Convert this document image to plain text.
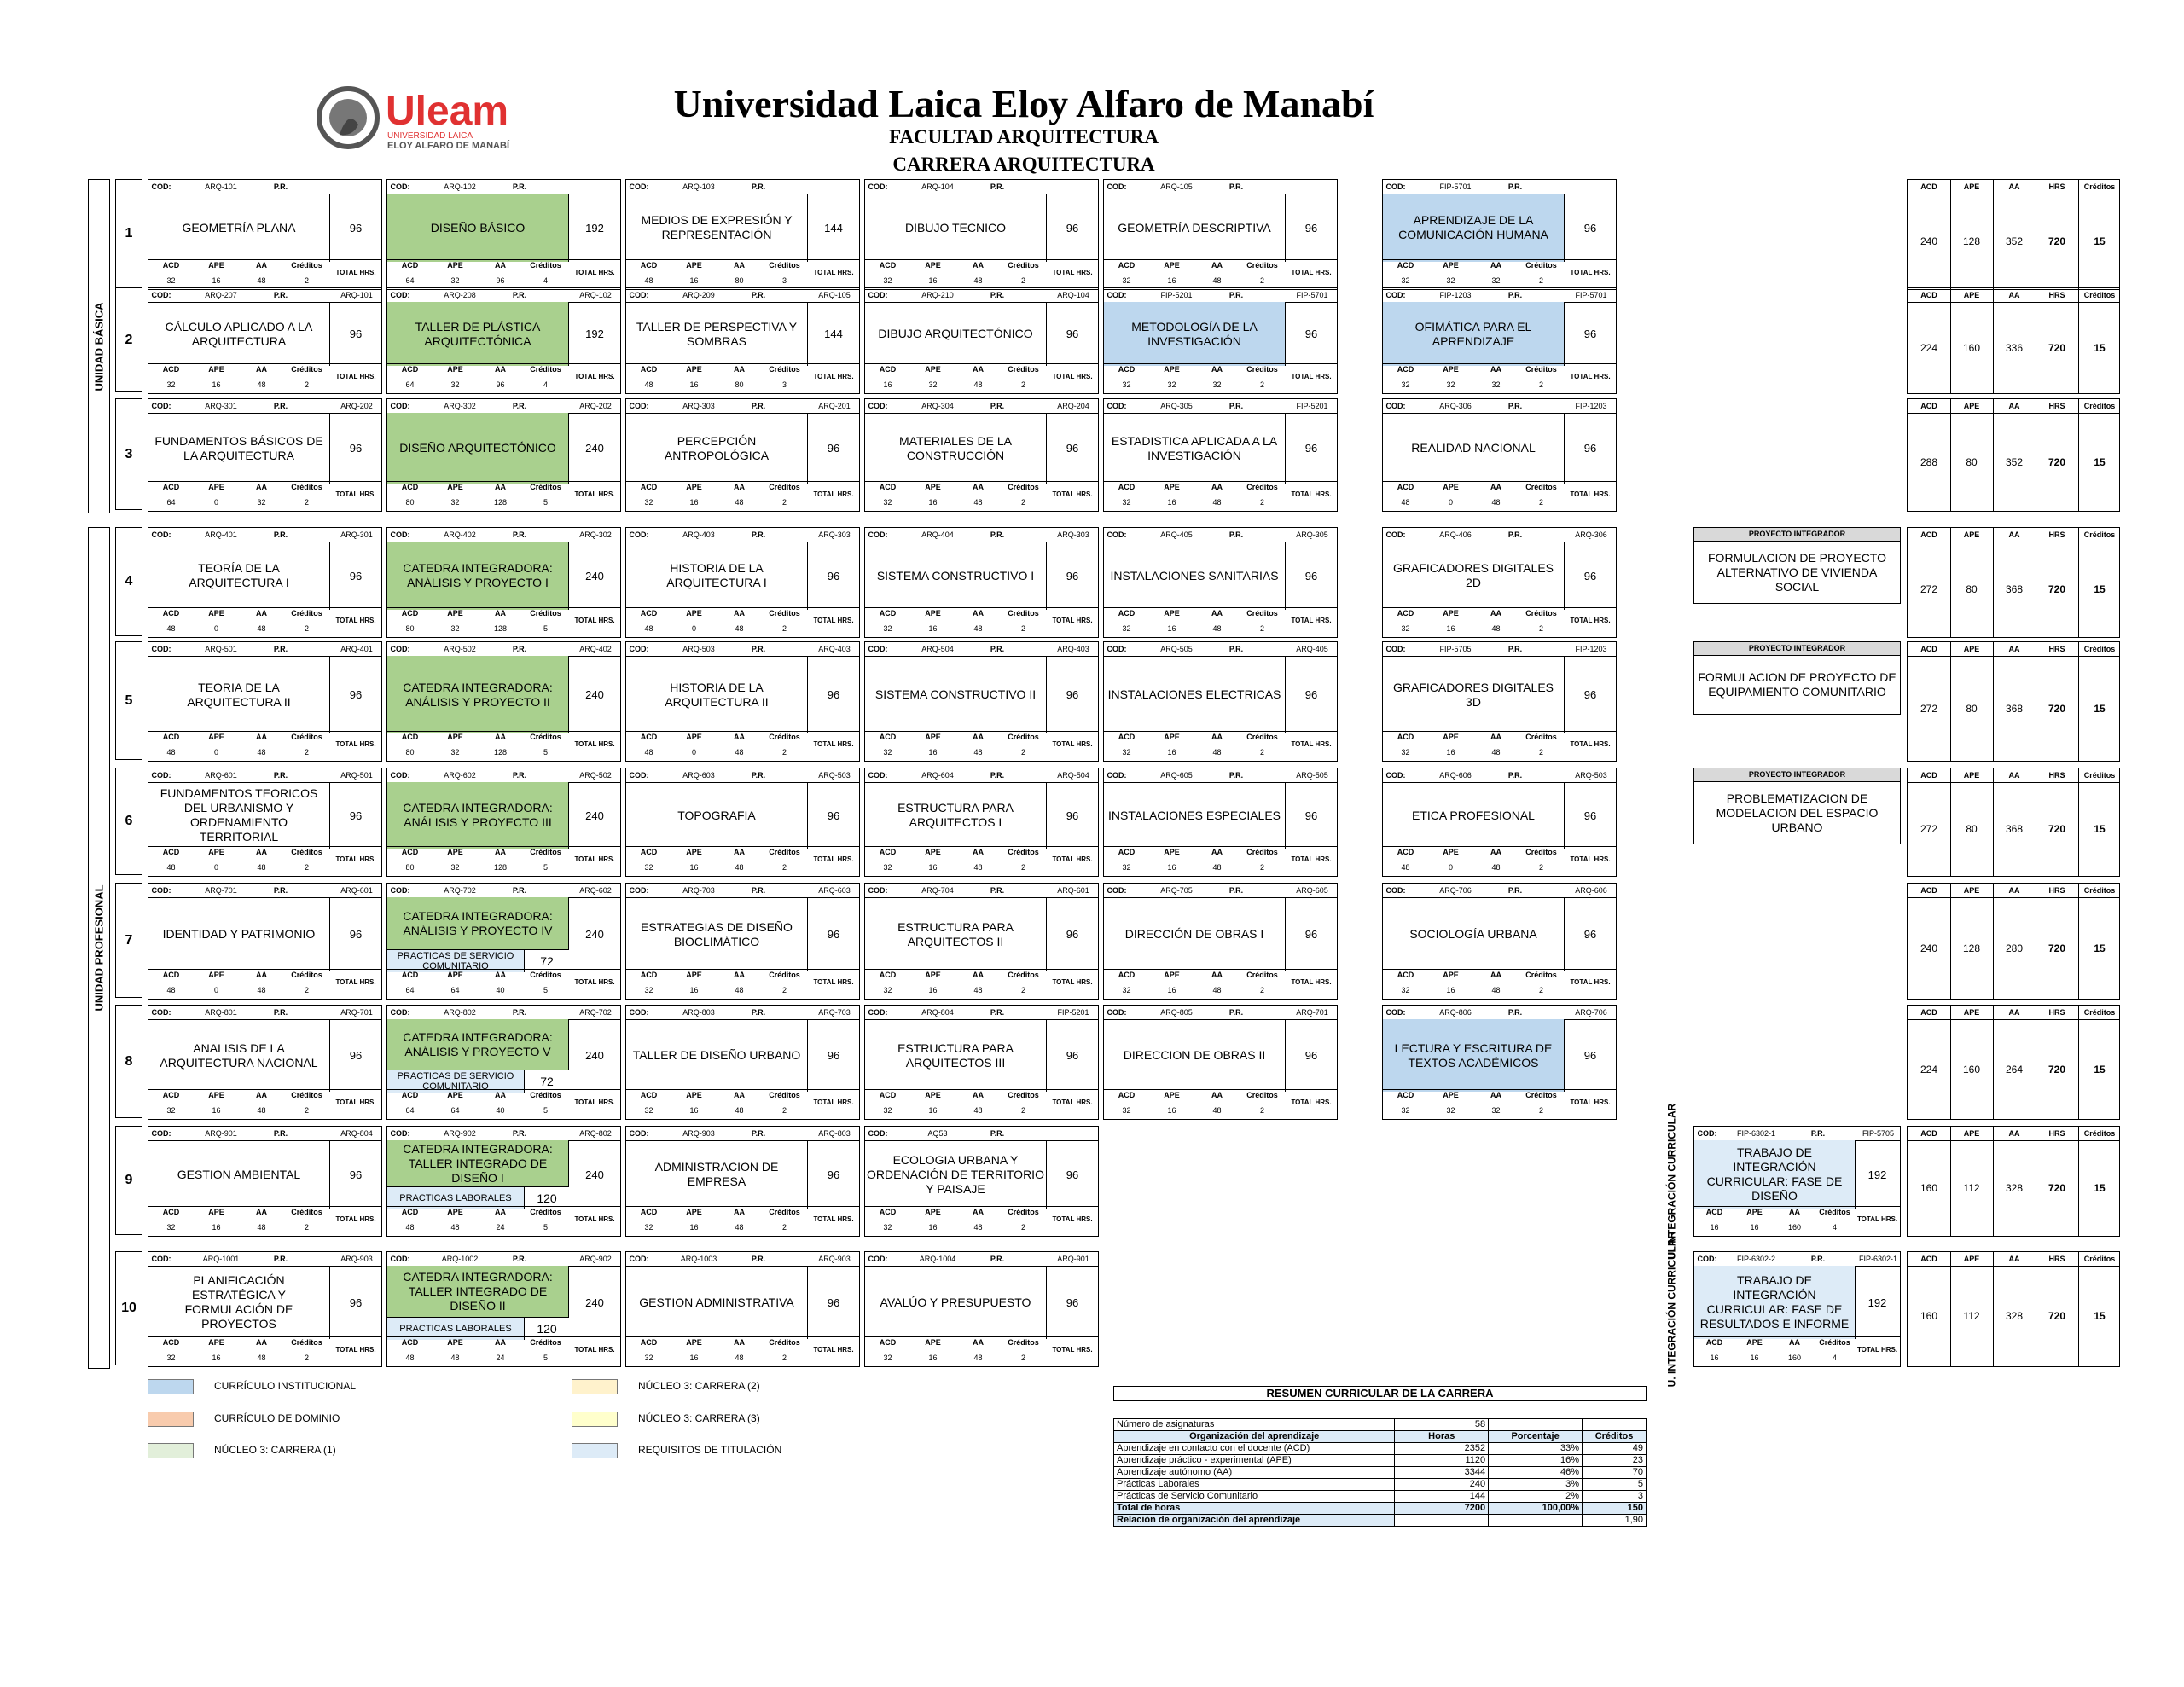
Uleam
UNIVERSIDAD LAICA
ELOY ALFARO DE MANABÍ
Universidad Laica Eloy Alfaro de Manabí
FACULTAD ARQUITECTURA
CARRERA ARQUITECTURA
UNIDAD BÁSICA
UNIDAD PROFESIONAL
U. INTEGRACIÓN CURRICULAR
U. INTEGRACIÓN CURRICULAR
1
COD:	ARQ-101	P.R.
GEOMETRÍA PLANA	96
ACD
32
APE
16
AA
48
Créditos
2
TOTAL HRS.
COD:	ARQ-102	P.R.
DISEÑO BÁSICO	192
ACD
64
APE
32
AA
96
Créditos
4
TOTAL HRS.
COD:	ARQ-103	P.R.
MEDIOS DE EXPRESIÓN Y REPRESENTACIÓN	144
ACD
48
APE
16
AA
80
Créditos
3
TOTAL HRS.
COD:	ARQ-104	P.R.
DIBUJO TECNICO	96
ACD
32
APE
16
AA
48
Créditos
2
TOTAL HRS.
COD:	ARQ-105	P.R.
GEOMETRÍA DESCRIPTIVA	96
ACD
32
APE
16
AA
48
Créditos
2
TOTAL HRS.
COD:	FIP-5701	P.R.
APRENDIZAJE DE LA COMUNICACIÓN HUMANA	96
ACD
32
APE
32
AA
32
Créditos
2
TOTAL HRS.
ACD	APE	AA	HRS	Créditos
240	128	352	720	15
2
COD:	ARQ-207	P.R.	ARQ-101
CÁLCULO APLICADO A LA ARQUITECTURA	96
ACD
32
APE
16
AA
48
Créditos
2
TOTAL HRS.
COD:	ARQ-208	P.R.	ARQ-102
TALLER DE PLÁSTICA ARQUITECTÓNICA	192
ACD
64
APE
32
AA
96
Créditos
4
TOTAL HRS.
COD:	ARQ-209	P.R.	ARQ-105
TALLER DE PERSPECTIVA Y SOMBRAS	144
ACD
48
APE
16
AA
80
Créditos
3
TOTAL HRS.
COD:	ARQ-210	P.R.	ARQ-104
DIBUJO ARQUITECTÓNICO	96
ACD
16
APE
32
AA
48
Créditos
2
TOTAL HRS.
COD:	FIP-5201	P.R.	FIP-5701
METODOLOGÍA DE LA INVESTIGACIÓN	96
ACD
32
APE
32
AA
32
Créditos
2
TOTAL HRS.
COD:	FIP-1203	P.R.	FIP-5701
OFIMÁTICA PARA EL APRENDIZAJE	96
ACD
32
APE
32
AA
32
Créditos
2
TOTAL HRS.
ACD	APE	AA	HRS	Créditos
224	160	336	720	15
3
COD:	ARQ-301	P.R.	ARQ-202
FUNDAMENTOS BÁSICOS DE LA ARQUITECTURA	96
ACD
64
APE
0
AA
32
Créditos
2
TOTAL HRS.
COD:	ARQ-302	P.R.	ARQ-202
DISEÑO ARQUITECTÓNICO	240
ACD
80
APE
32
AA
128
Créditos
5
TOTAL HRS.
COD:	ARQ-303	P.R.	ARQ-201
PERCEPCIÓN ANTROPOLÓGICA	96
ACD
32
APE
16
AA
48
Créditos
2
TOTAL HRS.
COD:	ARQ-304	P.R.	ARQ-204
MATERIALES DE LA CONSTRUCCIÓN	96
ACD
32
APE
16
AA
48
Créditos
2
TOTAL HRS.
COD:	ARQ-305	P.R.	FIP-5201
ESTADISTICA APLICADA A LA INVESTIGACIÓN	96
ACD
32
APE
16
AA
48
Créditos
2
TOTAL HRS.
COD:	ARQ-306	P.R.	FIP-1203
REALIDAD NACIONAL	96
ACD
48
APE
0
AA
48
Créditos
2
TOTAL HRS.
ACD	APE	AA	HRS	Créditos
288	80	352	720	15
4
COD:	ARQ-401	P.R.	ARQ-301
TEORÍA DE LA ARQUITECTURA I	96
ACD
48
APE
0
AA
48
Créditos
2
TOTAL HRS.
COD:	ARQ-402	P.R.	ARQ-302
CATEDRA INTEGRADORA: ANÁLISIS Y PROYECTO I	240
ACD
80
APE
32
AA
128
Créditos
5
TOTAL HRS.
COD:	ARQ-403	P.R.	ARQ-303
HISTORIA DE LA ARQUITECTURA I	96
ACD
48
APE
0
AA
48
Créditos
2
TOTAL HRS.
COD:	ARQ-404	P.R.	ARQ-303
SISTEMA CONSTRUCTIVO I	96
ACD
32
APE
16
AA
48
Créditos
2
TOTAL HRS.
COD:	ARQ-405	P.R.	ARQ-305
INSTALACIONES SANITARIAS	96
ACD
32
APE
16
AA
48
Créditos
2
TOTAL HRS.
COD:	ARQ-406	P.R.	ARQ-306
GRAFICADORES DIGITALES 2D	96
ACD
32
APE
16
AA
48
Créditos
2
TOTAL HRS.
PROYECTO INTEGRADOR
FORMULACION DE PROYECTO ALTERNATIVO DE VIVIENDA SOCIAL
ACD	APE	AA	HRS	Créditos
272	80	368	720	15
5
COD:	ARQ-501	P.R.	ARQ-401
TEORIA DE LA ARQUITECTURA II	96
ACD
48
APE
0
AA
48
Créditos
2
TOTAL HRS.
COD:	ARQ-502	P.R.	ARQ-402
CATEDRA INTEGRADORA: ANÁLISIS Y PROYECTO II	240
ACD
80
APE
32
AA
128
Créditos
5
TOTAL HRS.
COD:	ARQ-503	P.R.	ARQ-403
HISTORIA DE LA ARQUITECTURA II	96
ACD
48
APE
0
AA
48
Créditos
2
TOTAL HRS.
COD:	ARQ-504	P.R.	ARQ-403
SISTEMA CONSTRUCTIVO II	96
ACD
32
APE
16
AA
48
Créditos
2
TOTAL HRS.
COD:	ARQ-505	P.R.	ARQ-405
INSTALACIONES ELECTRICAS	96
ACD
32
APE
16
AA
48
Créditos
2
TOTAL HRS.
COD:	FIP-5705	P.R.	FIP-1203
GRAFICADORES DIGITALES 3D	96
ACD
32
APE
16
AA
48
Créditos
2
TOTAL HRS.
PROYECTO INTEGRADOR
FORMULACION DE PROYECTO DE EQUIPAMIENTO COMUNITARIO
ACD	APE	AA	HRS	Créditos
272	80	368	720	15
6
COD:	ARQ-601	P.R.	ARQ-501
FUNDAMENTOS TEORICOS DEL URBANISMO Y ORDENAMIENTO TERRITORIAL
96
ACD
48
APE
0
AA
48
Créditos
2
TOTAL HRS.
COD:	ARQ-602	P.R.	ARQ-502
CATEDRA INTEGRADORA: ANÁLISIS Y PROYECTO III	240
ACD
80
APE
32
AA
128
Créditos
5
TOTAL HRS.
COD:	ARQ-603	P.R.	ARQ-503
TOPOGRAFIA	96
ACD
32
APE
16
AA
48
Créditos
2
TOTAL HRS.
COD:	ARQ-604	P.R.	ARQ-504
ESTRUCTURA PARA ARQUITECTOS I	96
ACD
32
APE
16
AA
48
Créditos
2
TOTAL HRS.
COD:	ARQ-605	P.R.	ARQ-505
INSTALACIONES ESPECIALES	96
ACD
32
APE
16
AA
48
Créditos
2
TOTAL HRS.
COD:	ARQ-606	P.R.	ARQ-503
ETICA PROFESIONAL	96
ACD
48
APE
0
AA
48
Créditos
2
TOTAL HRS.
PROYECTO INTEGRADOR
PROBLEMATIZACION DE MODELACION DEL ESPACIO URBANO
ACD	APE	AA	HRS	Créditos
272	80	368	720	15
7
COD:	ARQ-701	P.R.	ARQ-601
IDENTIDAD Y PATRIMONIO	96
ACD
48
APE
0
AA
48
Créditos
2
TOTAL HRS.
COD:	ARQ-702	P.R.	ARQ-602
CATEDRA INTEGRADORA: ANÁLISIS Y PROYECTO IV
PRACTICAS DE SERVICIO COMUNITARIO	72
240
ACD
64
APE
64
AA
40
Créditos
5
TOTAL HRS.
COD:	ARQ-703	P.R.	ARQ-603
ESTRATEGIAS DE DISEÑO BIOCLIMÁTICO	96
ACD
32
APE
16
AA
48
Créditos
2
TOTAL HRS.
COD:	ARQ-704	P.R.	ARQ-601
ESTRUCTURA PARA ARQUITECTOS II	96
ACD
32
APE
16
AA
48
Créditos
2
TOTAL HRS.
COD:	ARQ-705	P.R.	ARQ-605
DIRECCIÓN DE OBRAS I	96
ACD
32
APE
16
AA
48
Créditos
2
TOTAL HRS.
COD:	ARQ-706	P.R.	ARQ-606
SOCIOLOGÍA URBANA	96
ACD
32
APE
16
AA
48
Créditos
2
TOTAL HRS.
ACD	APE	AA	HRS	Créditos
240	128	280	720	15
8
COD:	ARQ-801	P.R.	ARQ-701
ANALISIS DE LA ARQUITECTURA NACIONAL	96
ACD
32
APE
16
AA
48
Créditos
2
TOTAL HRS.
COD:	ARQ-802	P.R.	ARQ-702
CATEDRA INTEGRADORA: ANÁLISIS Y PROYECTO V
PRACTICAS DE SERVICIO COMUNITARIO	72
240
ACD
64
APE
64
AA
40
Créditos
5
TOTAL HRS.
COD:	ARQ-803	P.R.	ARQ-703
TALLER DE DISEÑO URBANO	96
ACD
32
APE
16
AA
48
Créditos
2
TOTAL HRS.
COD:	ARQ-804	P.R.	FIP-5201
ESTRUCTURA PARA ARQUITECTOS III	96
ACD
32
APE
16
AA
48
Créditos
2
TOTAL HRS.
COD:	ARQ-805	P.R.	ARQ-701
DIRECCION DE OBRAS II	96
ACD
32
APE
16
AA
48
Créditos
2
TOTAL HRS.
COD:	ARQ-806	P.R.	ARQ-706
LECTURA Y ESCRITURA DE TEXTOS ACADÉMICOS	96
ACD
32
APE
32
AA
32
Créditos
2
TOTAL HRS.
ACD	APE	AA	HRS	Créditos
224	160	264	720	15
9
COD:	ARQ-901	P.R.	ARQ-804
GESTION AMBIENTAL	96
ACD
32
APE
16
AA
48
Créditos
2
TOTAL HRS.
COD:	ARQ-902	P.R.	ARQ-802
CATEDRA INTEGRADORA: TALLER INTEGRADO DE DISEÑO I
PRACTICAS LABORALES	120
240
ACD
48
APE
48
AA
24
Créditos
5
TOTAL HRS.
COD:	ARQ-903	P.R.	ARQ-803
ADMINISTRACION DE EMPRESA	96
ACD
32
APE
16
AA
48
Créditos
2
TOTAL HRS.
COD:	AQ53	P.R.
ECOLOGIA URBANA Y ORDENACIÓN DE TERRITORIO Y PAISAJE
96
ACD
32
APE
16
AA
48
Créditos
2
TOTAL HRS.
COD:	FIP-6302-1	P.R.	FIP-5705
TRABAJO DE INTEGRACIÓN CURRICULAR: FASE DE DISEÑO
192
ACD
16
APE
16
AA
160
Créditos
4
TOTAL HRS.
ACD	APE	AA	HRS	Créditos
160	112	328	720	15
10
COD:	ARQ-1001	P.R.	ARQ-903
PLANIFICACIÓN ESTRATÉGICA Y FORMULACIÓN DE PROYECTOS
96
ACD
32
APE
16
AA
48
Créditos
2
TOTAL HRS.
COD:	ARQ-1002	P.R.	ARQ-902
CATEDRA INTEGRADORA: TALLER INTEGRADO DE DISEÑO II
PRACTICAS LABORALES	120
240
ACD
48
APE
48
AA
24
Créditos
5
TOTAL HRS.
COD:	ARQ-1003	P.R.	ARQ-903
GESTION ADMINISTRATIVA	96
ACD
32
APE
16
AA
48
Créditos
2
TOTAL HRS.
COD:	ARQ-1004	P.R.	ARQ-901
AVALÚO Y PRESUPUESTO	96
ACD
32
APE
16
AA
48
Créditos
2
TOTAL HRS.
COD:	FIP-6302-2	P.R.	FIP-6302-1
TRABAJO DE INTEGRACIÓN CURRICULAR: FASE DE RESULTADOS E INFORME
192
ACD
16
APE
16
AA
160
Créditos
4
TOTAL HRS.
ACD	APE	AA	HRS	Créditos
160	112	328	720	15
CURRÍCULO INSTITUCIONAL
CURRÍCULO DE DOMINIO
NÚCLEO 3: CARRERA (1)
NÚCLEO 3: CARRERA (2)
NÚCLEO 3: CARRERA (3)
REQUISITOS DE TITULACIÓN
RESUMEN CURRICULAR DE LA CARRERA
Número de asignaturas	58		
Organización del aprendizaje	Horas	Porcentaje	Créditos
Aprendizaje en contacto con el docente (ACD)	2352	33%	49
Aprendizaje práctico - experimental (APE)	1120	16%	23
Aprendizaje autónomo (AA)	3344	46%	70
Prácticas Laborales	240	3%	5
Prácticas de Servicio Comunitario	144	2%	3
Total de horas	7200	100,00%	150
Relación de organización del aprendizaje			1,90
